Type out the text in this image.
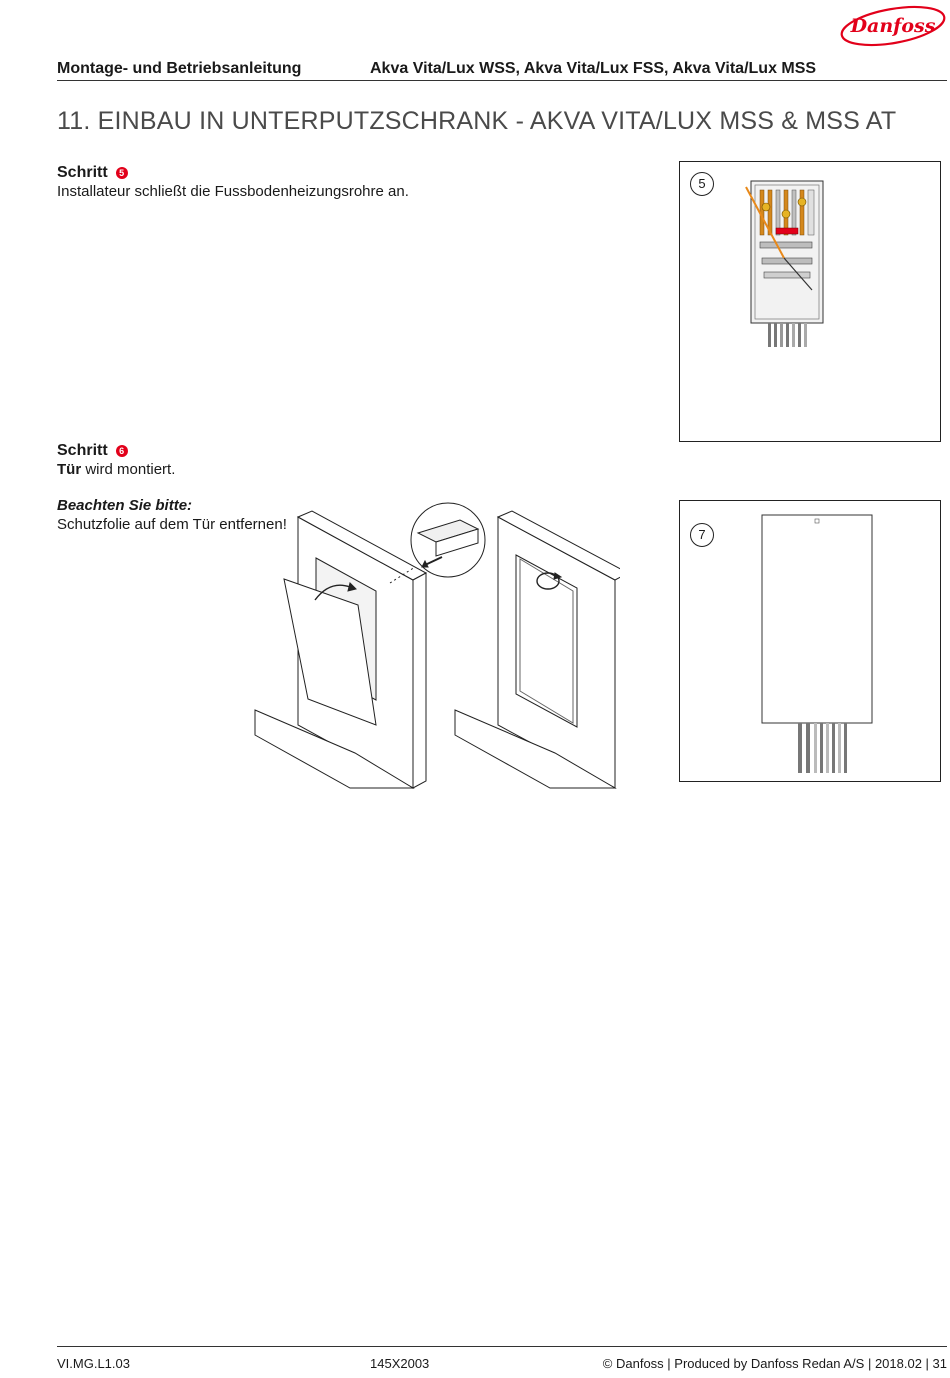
Danfoss
Montage- und Betriebsanleitung	Akva Vita/Lux WSS, Akva Vita/Lux FSS, Akva Vita/Lux MSS
11. EINBAU IN UNTERPUTZSCHRANK - AKVA VITA/LUX MSS & MSS AT
Schritt 5
Installateur schließt die Fussbodenheizungsrohre an.	5
Schritt 6
Tür wird montiert.
Beachten Sie bitte:
Schutzfolie auf dem Tür entfernen!
7
VI.MG.L1.03	145X2003	© Danfoss | Produced by Danfoss Redan A/S | 2018.02 | 31
